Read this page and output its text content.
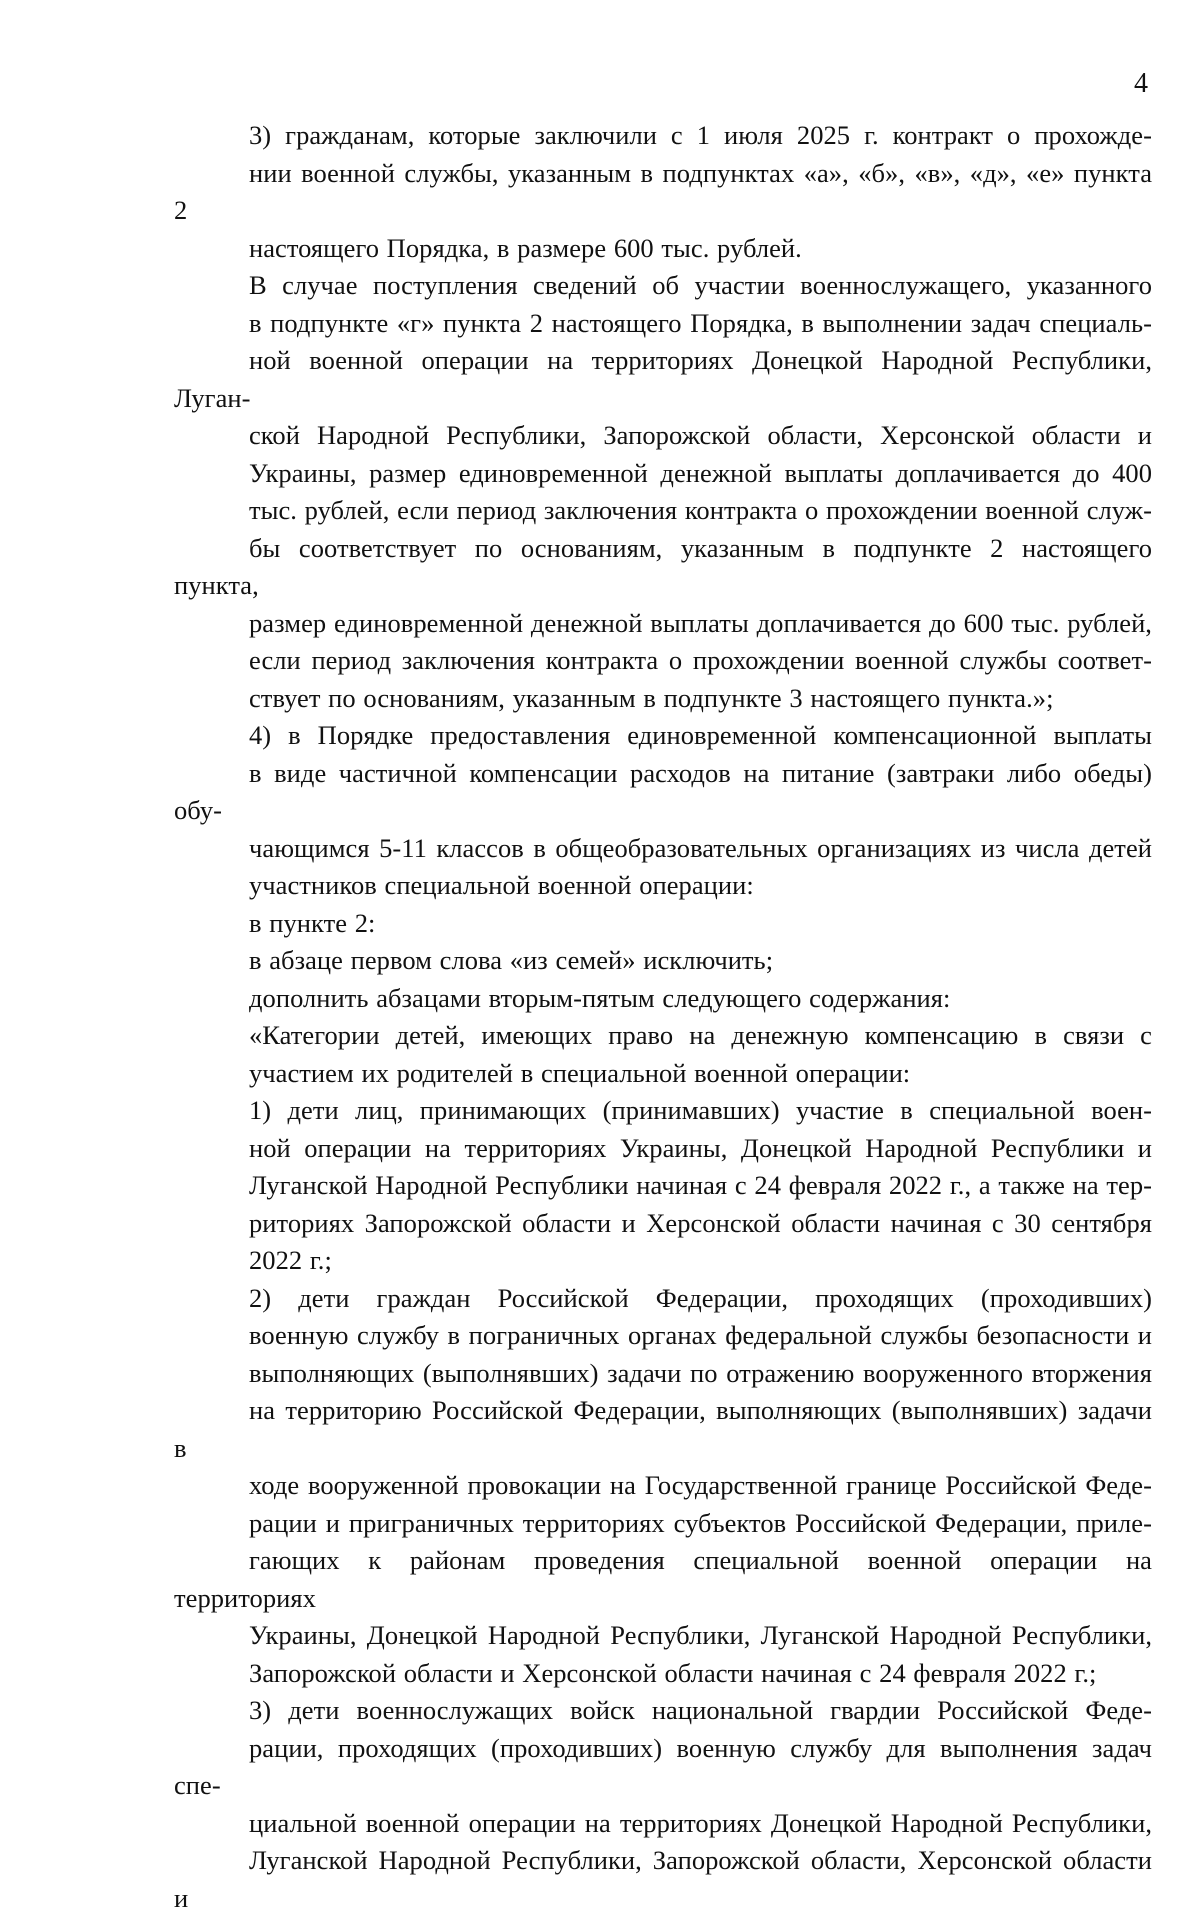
4

3) гражданам, которые заключили с 1 июля 2025 г. контракт о прохожде-
нии военной службы, указанным в подпунктах «а», «б», «в», «д», «е» пункта 2
настоящего Порядка, в размере 600 тыс. рублей.

В случае поступления сведений об участии военнослужащего, указанного
в подпункте «г» пункта 2 настоящего Порядка, в выполнении задач специаль-
ной военной операции на территориях Донецкой Народной Республики, Луган-
ской Народной Республики, Запорожской области, Херсонской области и
Украины, размер единовременной денежной выплаты доплачивается до 400
тыс. рублей, если период заключения контракта о прохождении военной служ-
бы соответствует по основаниям, указанным в подпункте 2 настоящего пункта,
размер единовременной денежной выплаты доплачивается до 600 тыс. рублей,
если период заключения контракта о прохождении военной службы соответ-
ствует по основаниям, указанным в подпункте 3 настоящего пункта.»;

4) в Порядке предоставления единовременной компенсационной выплаты
в виде частичной компенсации расходов на питание (завтраки либо обеды) обу-
чающимся 5-11 классов в общеобразовательных организациях из числа детей
участников специальной военной операции:

в пункте 2:

в абзаце первом слова «из семей» исключить;

дополнить абзацами вторым-пятым следующего содержания:

«Категории детей, имеющих право на денежную компенсацию в связи с
участием их родителей в специальной военной операции:

1) дети лиц, принимающих (принимавших) участие в специальной воен-
ной операции на территориях Украины, Донецкой Народной Республики и
Луганской Народной Республики начиная с 24 февраля 2022 г., а также на тер-
риториях Запорожской области и Херсонской области начиная с 30 сентября
2022 г.;

2) дети граждан Российской Федерации, проходящих (проходивших)
военную службу в пограничных органах федеральной службы безопасности и
выполняющих (выполнявших) задачи по отражению вооруженного вторжения
на территорию Российской Федерации, выполняющих (выполнявших) задачи в
ходе вооруженной провокации на Государственной границе Российской Феде-
рации и приграничных территориях субъектов Российской Федерации, приле-
гающих к районам проведения специальной военной операции на территориях
Украины, Донецкой Народной Республики, Луганской Народной Республики,
Запорожской области и Херсонской области начиная с 24 февраля 2022 г.;

3) дети военнослужащих войск национальной гвардии Российской Феде-
рации, проходящих (проходивших) военную службу для выполнения задач спе-
циальной военной операции на территориях Донецкой Народной Республики,
Луганской Народной Республики, Запорожской области, Херсонской области и
